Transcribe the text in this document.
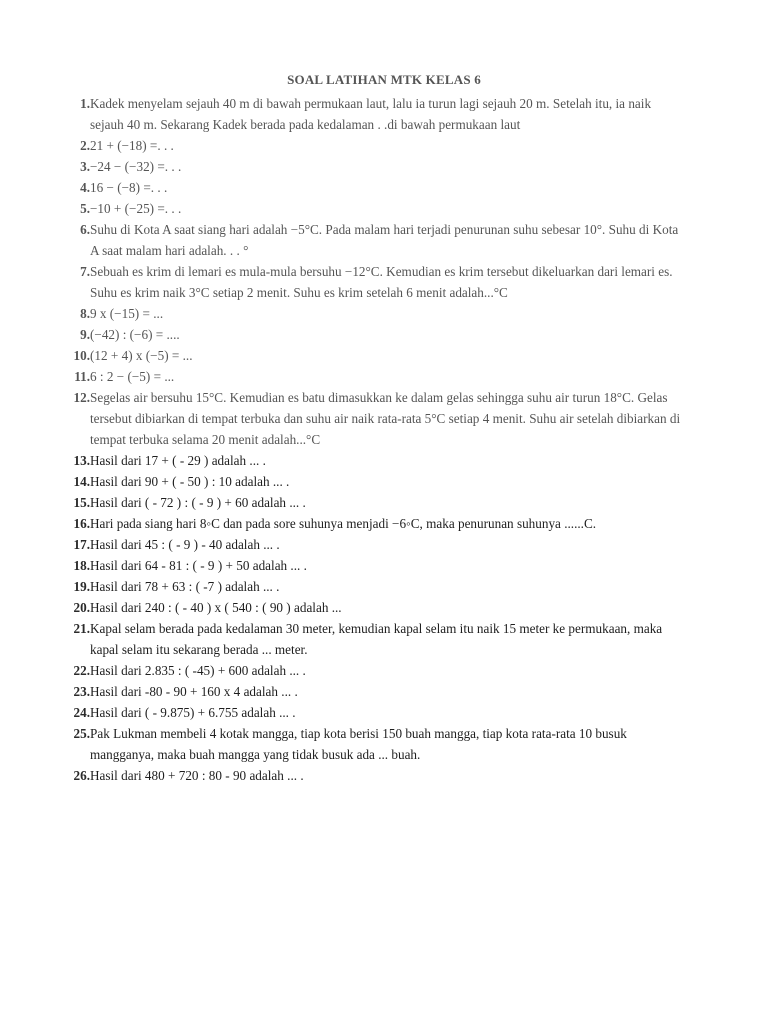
SOAL LATIHAN MTK KELAS 6
1. Kadek menyelam sejauh 40 m di bawah permukaan laut, lalu ia turun lagi sejauh 20 m. Setelah itu, ia naik sejauh 40 m. Sekarang Kadek berada pada kedalaman . .di bawah permukaan laut
2. 21 + (−18) =. . .
3. −24 − (−32) =. . .
4. 16 − (−8) =. . .
5. −10 + (−25) =. . .
6. Suhu di Kota A saat siang hari adalah −5°C. Pada malam hari terjadi penurunan suhu sebesar 10°. Suhu di Kota A saat malam hari adalah. . . °
7. Sebuah es krim di lemari es mula-mula bersuhu −12°C. Kemudian es krim tersebut dikeluarkan dari lemari es. Suhu es krim naik 3°C setiap 2 menit. Suhu es krim setelah 6 menit adalah...°C
8. 9 x (−15) = ...
9. (−42) : (−6) = ....
10. (12 + 4) x (−5) = ...
11. 6 : 2 − (−5) = ...
12. Segelas air bersuhu 15°C. Kemudian es batu dimasukkan ke dalam gelas sehingga suhu air turun 18°C. Gelas tersebut dibiarkan di tempat terbuka dan suhu air naik rata-rata 5°C setiap 4 menit. Suhu air setelah dibiarkan di tempat terbuka selama 20 menit adalah...°C
13. Hasil dari 17 + ( - 29 ) adalah ... .
14. Hasil dari 90 + ( - 50 ) : 10 adalah ... .
15. Hasil dari ( - 72 ) : ( - 9 ) + 60 adalah ... .
16. Hari pada siang hari 8◦C dan pada sore suhunya menjadi −6◦C, maka penurunan suhunya ......C.
17. Hasil dari 45 : ( - 9 ) - 40 adalah ... .
18. Hasil dari 64 - 81 : ( - 9 ) + 50 adalah ... .
19. Hasil dari 78 + 63 : ( -7 ) adalah ... .
20. Hasil dari 240 : ( - 40 ) x ( 540 : ( 90 ) adalah ...
21. Kapal selam berada pada kedalaman 30 meter, kemudian kapal selam itu naik 15 meter ke permukaan, maka kapal selam itu sekarang berada ... meter.
22. Hasil dari 2.835 : ( -45) + 600 adalah ... .
23. Hasil dari -80 - 90 + 160 x 4 adalah ... .
24. Hasil dari ( - 9.875) + 6.755 adalah ... .
25. Pak Lukman membeli 4 kotak mangga, tiap kota berisi 150 buah mangga, tiap kota rata-rata 10 busuk mangganya, maka buah mangga yang tidak busuk ada ... buah.
26. Hasil dari 480 + 720 : 80 - 90 adalah ... .
